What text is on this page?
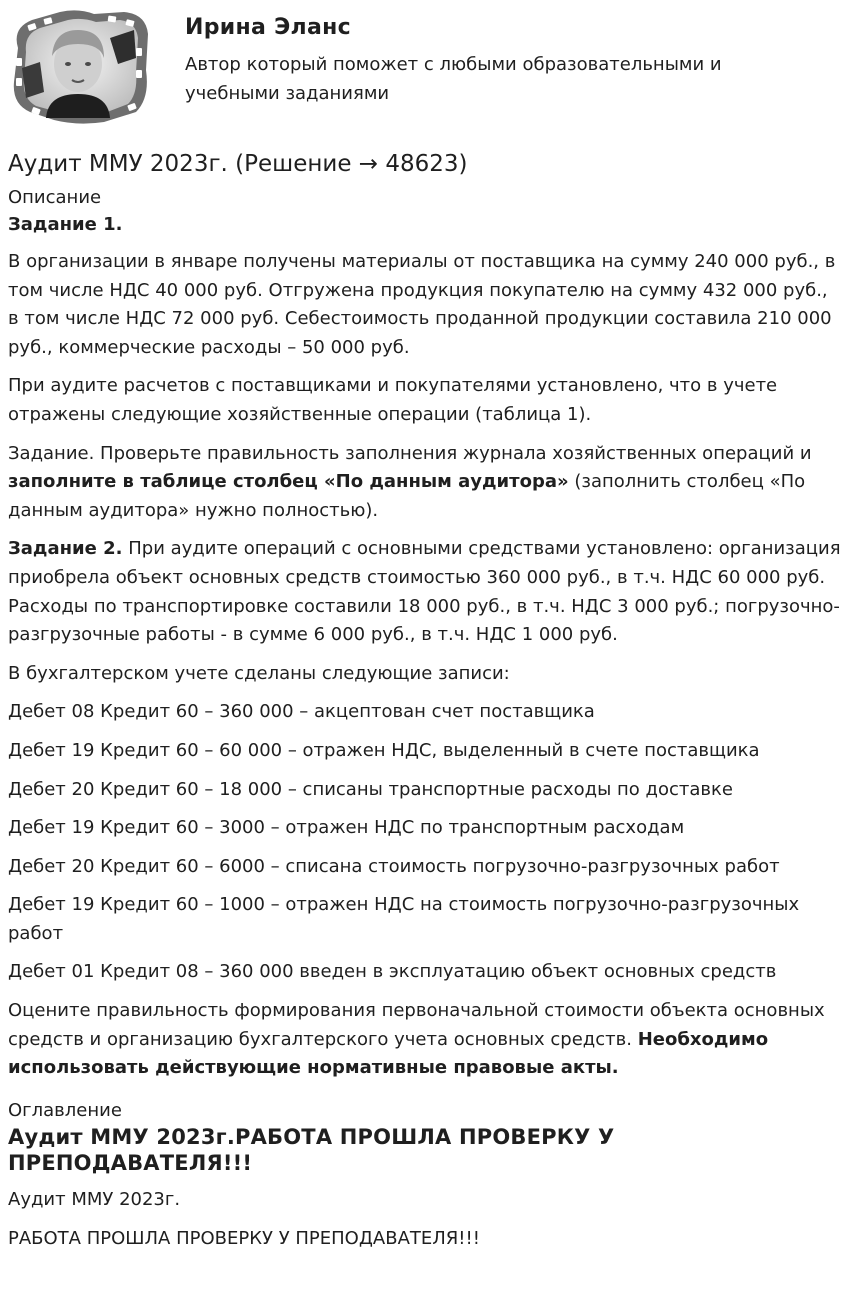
Ирина Эланс
Автор который поможет с любыми образовательными и учебными заданиями
Аудит ММУ 2023г. (Решение → 48623)
Описание
Задание 1.

В организации в январе получены материалы от поставщика на сумму 240 000 руб., в том числе НДС 40 000 руб. Отгружена продукция покупателю на сумму 432 000 руб., в том числе НДС 72 000 руб. Себестоимость проданной продукции составила 210 000 руб., коммерческие расходы – 50 000 руб.

При аудите расчетов с поставщиками и покупателями установлено, что в учете отражены следующие хозяйственные операции (таблица 1).

Задание. Проверьте правильность заполнения журнала хозяйственных операций и заполните в таблице столбец «По данным аудитора» (заполнить столбец «По данным аудитора» нужно полностью).

Задание 2. При аудите операций с основными средствами установлено: организация приобрела объект основных средств стоимостью 360 000 руб., в т.ч. НДС 60 000 руб. Расходы по транспортировке составили 18 000 руб., в т.ч. НДС 3 000 руб.; погрузочно-разгрузочные работы - в сумме 6 000 руб., в т.ч. НДС 1 000 руб.

В бухгалтерском учете сделаны следующие записи:

Дебет 08 Кредит 60 – 360 000 – акцептован счет поставщика

Дебет 19 Кредит 60 – 60 000 – отражен НДС, выделенный в счете поставщика

Дебет 20 Кредит 60 – 18 000 – списаны транспортные расходы по доставке

Дебет 19 Кредит 60 – 3000 – отражен НДС по транспортным расходам

Дебет 20 Кредит 60 – 6000 – списана стоимость погрузочно-разгрузочных работ

Дебет 19 Кредит 60 – 1000 – отражен НДС на стоимость погрузочно-разгрузочных работ

Дебет 01 Кредит 08 – 360 000 введен в эксплуатацию объект основных средств

Оцените правильность формирования первоначальной стоимости объекта основных средств и организацию бухгалтерского учета основных средств. Необходимо использовать действующие нормативные правовые акты.

Оглавление
Аудит ММУ 2023г.РАБОТА ПРОШЛА ПРОВЕРКУ У ПРЕПОДАВАТЕЛЯ!!!

Аудит ММУ 2023г.

РАБОТА ПРОШЛА ПРОВЕРКУ У ПРЕПОДАВАТЕЛЯ!!!
